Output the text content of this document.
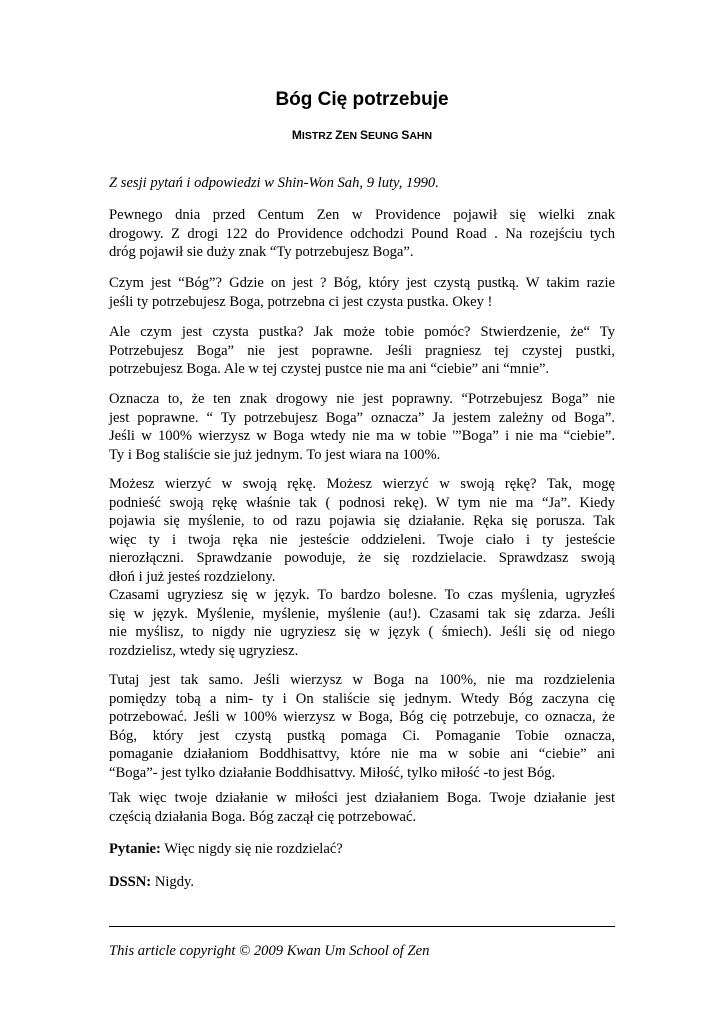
Bóg Cię potrzebuje
MISTRZ ZEN SEUNG SAHN

Z sesji pytań i odpowiedzi w Shin-Won Sah, 9 luty, 1990.

Pewnego dnia przed Centum Zen w Providence pojawił się wielki znak
drogowy. Z drogi 122 do Providence odchodzi Pound Road . Na rozejściu tych
dróg pojawił sie duży znak “Ty potrzebujesz Boga”.

Czym jest “Bóg”? Gdzie on jest ? Bóg, który jest czystą pustką. W takim razie
jeśli ty potrzebujesz Boga, potrzebna ci jest czysta pustka. Okey !

Ale czym jest czysta pustka? Jak może tobie pomóc? Stwierdzenie, że“ Ty
Potrzebujesz Boga” nie jest poprawne. Jeśli pragniesz tej czystej pustki,
potrzebujesz Boga. Ale w tej czystej pustce nie ma ani “ciebie” ani “mnie”.

Oznacza to, że ten znak drogowy nie jest poprawny. “Potrzebujesz Boga” nie
jest poprawne. “ Ty potrzebujesz Boga” oznacza” Ja jestem zależny od Boga”.
Jeśli w 100% wierzysz w Boga wtedy nie ma w tobie '”Boga” i nie ma “ciebie”.
Ty i Bog staliście sie już jednym. To jest wiara na 100%.

Możesz wierzyć w swoją rękę. Możesz wierzyć w swoją rękę? Tak, mogę
podnieść swoją rękę właśnie tak ( podnosi rekę). W tym nie ma “Ja”. Kiedy
pojawia się myślenie, to od razu pojawia się działanie. Ręka się porusza. Tak
więc ty i twoja ręka nie jesteście oddzieleni. Twoje ciało i ty jesteście
nierozłącznі. Sprawdzanie powoduje, że się rozdzielacie. Sprawdzasz swoją
dłoń i już jesteś rozdzielony.

Czasami ugryziesz się w język. To bardzo bolesne. To czas myślenia, ugryzłeś
się w język. Myślenie, myślenie, myślenie (au!). Czasami tak się zdarza. Jeśli
nie myślisz, to nigdy nie ugryziesz się w język ( śmiech). Jeśli się od niego
rozdzielisz, wtedy się ugryziesz.

Tutaj jest tak samo. Jeśli wierzysz w Boga na 100%, nie ma rozdzielenia
pomiędzy tobą a nim- ty i On staliście się jednym. Wtedy Bóg zaczyna cię
potrzebować. Jeśli w 100% wierzysz w Boga, Bóg cię potrzebuje, co oznacza, że
Bóg, który jest czystą pustką pomaga Ci. Pomaganie Tobie oznacza,
pomaganie działaniom Boddhisattvy, które nie ma w sobie ani “ciebie” ani
“Boga”- jest tylko działanie Boddhisattvy. Miłość, tylko miłość -to jest Bóg.

Tak więc twoje działanie w miłości jest działaniem Boga. Twoje działanie jest
częścią działania Boga. Bóg zaczął cię potrzebować.

Pytanie: Więc nigdy się nie rozdzielać?

DSSN: Nigdy.

This article copyright © 2009 Kwan Um School of Zen
